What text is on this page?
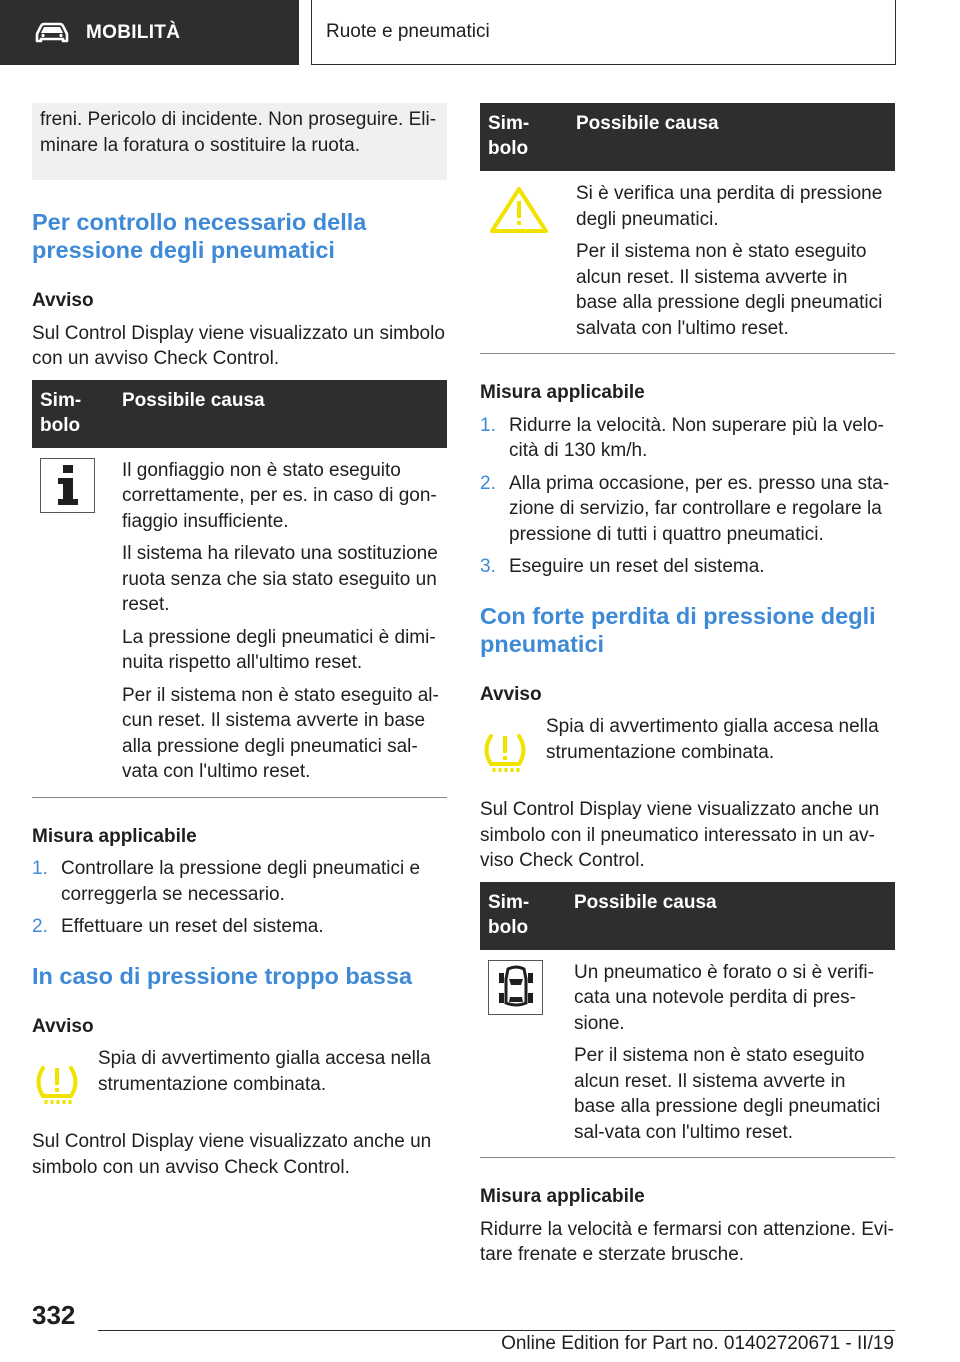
MOBILITÀ	Ruote e pneumatici

freni. Pericolo di incidente. Non proseguire. Eli-minare la foratura o sostituire la ruota.

Per controllo necessario della pressione degli pneumatici
Avviso

Sul Control Display viene visualizzato un simbolo con un avviso Check Control.

Sim-bolo	Possibile causa

Il gonfiaggio non è stato eseguito correttamente, per es. in caso di gon-fiaggio insufficiente.

Il sistema ha rilevato una sostituzione ruota senza che sia stato eseguito un reset.

La pressione degli pneumatici è dimi-nuita rispetto all'ultimo reset.

Per il sistema non è stato eseguito al-cun reset. Il sistema avverte in base alla pressione degli pneumatici sal-vata con l'ultimo reset.

Misura applicabile
1. Controllare la pressione degli pneumatici e correggerla se necessario.
2. Effettuare un reset del sistema.
In caso di pressione troppo bassa
Avviso

Spia di avvertimento gialla accesa nella strumentazione combinata.

Sul Control Display viene visualizzato anche un simbolo con un avviso Check Control.

Sim-bolo	Possibile causa

Si è verifica una perdita di pressione degli pneumatici.

Per il sistema non è stato eseguito alcun reset. Il sistema avverte in base alla pressione degli pneumatici salvata con l'ultimo reset.

Misura applicabile
1. Ridurre la velocità. Non superare più la velo-cità di 130 km/h.
2. Alla prima occasione, per es. presso una sta-zione di servizio, far controllare e regolare la pressione di tutti i quattro pneumatici.
3. Eseguire un reset del sistema.
Con forte perdita di pressione degli pneumatici
Avviso

Spia di avvertimento gialla accesa nella strumentazione combinata.

Sul Control Display viene visualizzato anche un simbolo con il pneumatico interessato in un av-viso Check Control.

Sim-bolo	Possibile causa

Un pneumatico è forato o si è verifi-cata una notevole perdita di pres-sione.

Per il sistema non è stato eseguito alcun reset. Il sistema avverte in base alla pressione degli pneumatici sal-vata con l'ultimo reset.

Misura applicabile

Ridurre la velocità e fermarsi con attenzione. Evi-tare frenate e sterzate brusche.

332
Online Edition for Part no. 01402720671 - II/19
